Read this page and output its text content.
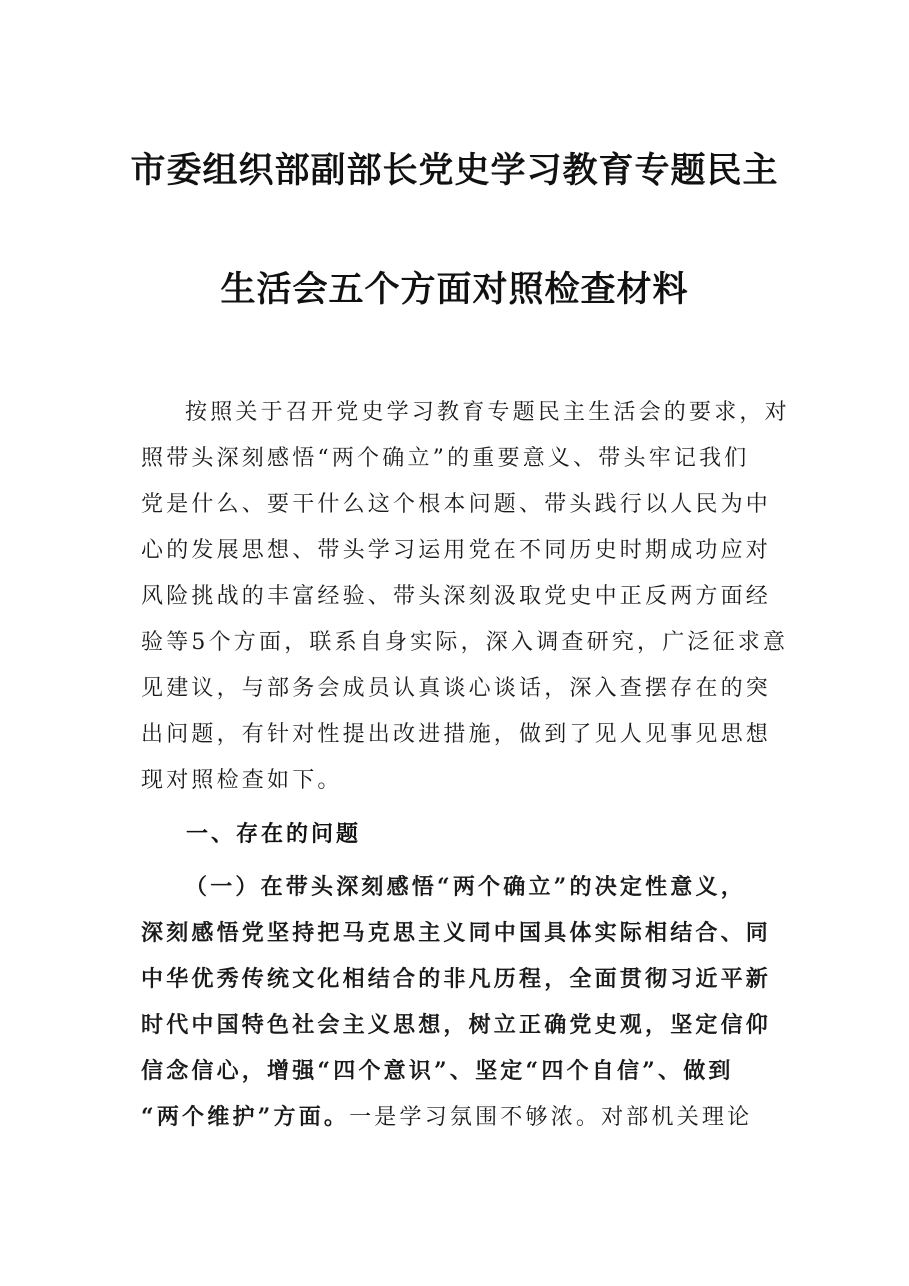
市委组织部副部长党史学习教育专题民主
生活会五个方面对照检查材料
按照关于召开党史学习教育专题民主生活会的要求，对
照带头深刻感悟“两个确立”的重要意义、带头牢记我们
党是什么、要干什么这个根本问题、带头践行以人民为中
心的发展思想、带头学习运用党在不同历史时期成功应对
风险挑战的丰富经验、带头深刻汲取党史中正反两方面经
验等5个方面，联系自身实际，深入调查研究，广泛征求意
见建议，与部务会成员认真谈心谈话，深入查摆存在的突
出问题，有针对性提出改进措施，做到了见人见事见思想
现对照检查如下。
一、存在的问题
（一）在带头深刻感悟“两个确立”的决定性意义，
深刻感悟党坚持把马克思主义同中国具体实际相结合、同
中华优秀传统文化相结合的非凡历程，全面贯彻习近平新
时代中国特色社会主义思想，树立正确党史观，坚定信仰
信念信心，增强“四个意识”、坚定“四个自信”、做到
“两个维护”方面。一是学习氛围不够浓。对部机关理论
